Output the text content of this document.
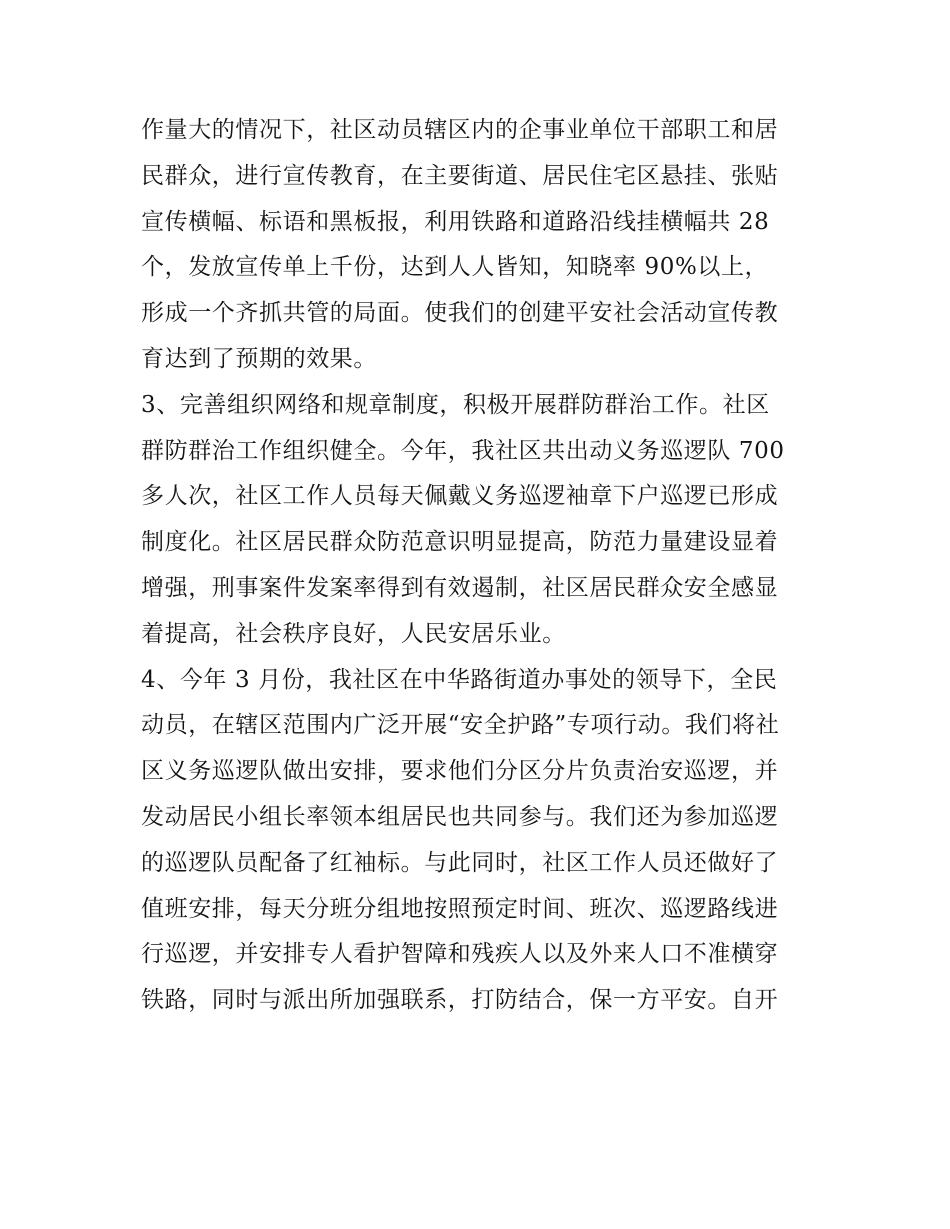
作量大的情况下，社区动员辖区内的企事业单位干部职工和居
民群众，进行宣传教育，在主要街道、居民住宅区悬挂、张贴
宣传横幅、标语和黑板报，利用铁路和道路沿线挂横幅共 28
个，发放宣传单上千份，达到人人皆知，知晓率 90%以上，
形成一个齐抓共管的局面。使我们的创建平安社会活动宣传教
育达到了预期的效果。
3、完善组织网络和规章制度，积极开展群防群治工作。社区
群防群治工作组织健全。今年，我社区共出动义务巡逻队 700
多人次，社区工作人员每天佩戴义务巡逻袖章下户巡逻已形成
制度化。社区居民群众防范意识明显提高，防范力量建设显着
增强，刑事案件发案率得到有效遏制，社区居民群众安全感显
着提高，社会秩序良好，人民安居乐业。
4、今年 3 月份，我社区在中华路街道办事处的领导下，全民
动员，在辖区范围内广泛开展“安全护路”专项行动。我们将社
区义务巡逻队做出安排，要求他们分区分片负责治安巡逻，并
发动居民小组长率领本组居民也共同参与。我们还为参加巡逻
的巡逻队员配备了红袖标。与此同时，社区工作人员还做好了
值班安排，每天分班分组地按照预定时间、班次、巡逻路线进
行巡逻，并安排专人看护智障和残疾人以及外来人口不准横穿
铁路，同时与派出所加强联系，打防结合，保一方平安。自开
